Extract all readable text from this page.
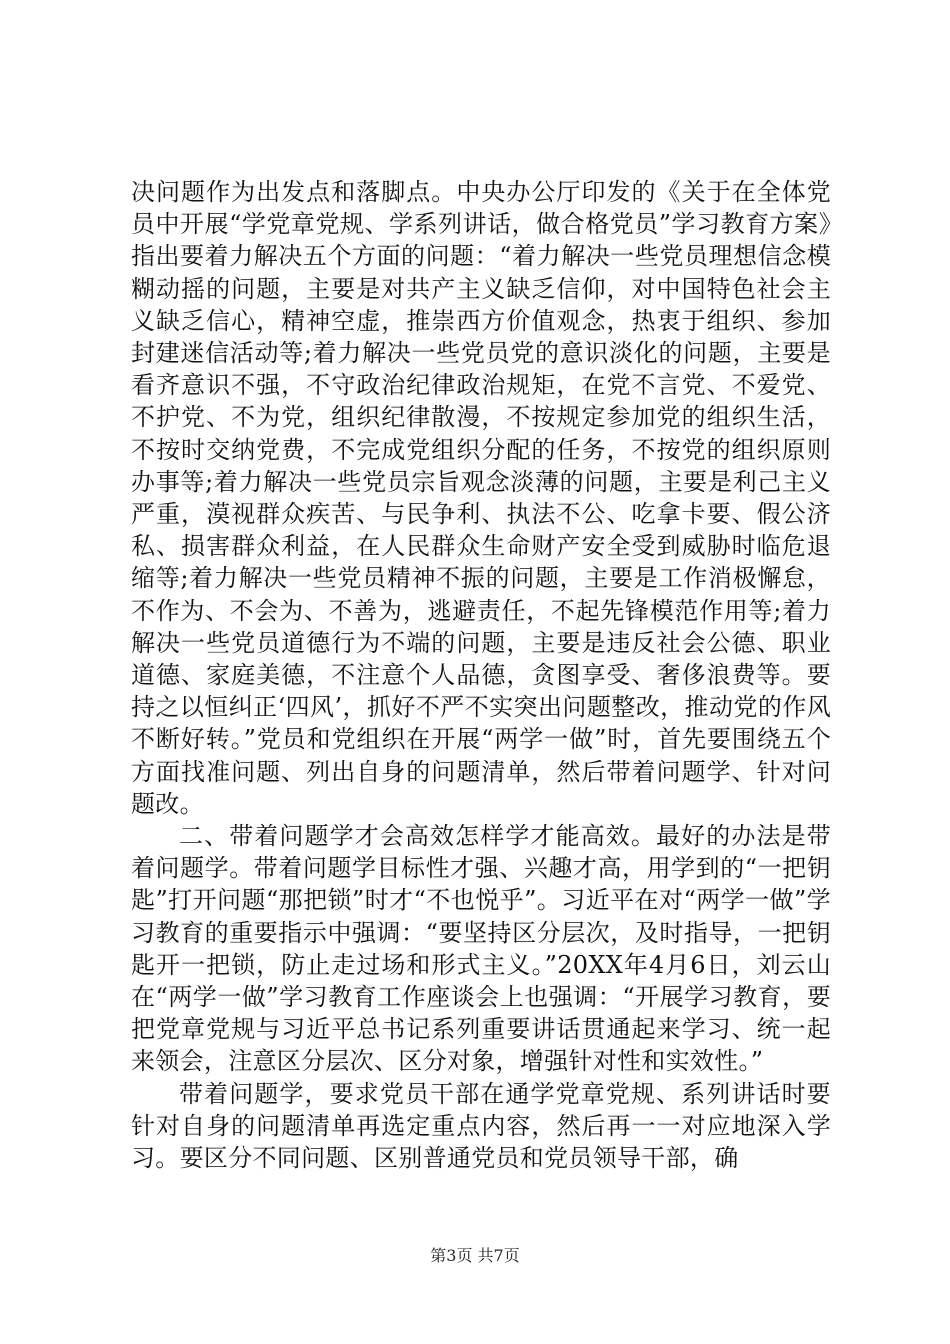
决问题作为出发点和落脚点。中央办公厅印发的《关于在全体党员中开展“学党章党规、学系列讲话，做合格党员”学习教育方案》指出要着力解决五个方面的问题：“着力解决一些党员理想信念模糊动摇的问题，主要是对共产主义缺乏信仰，对中国特色社会主义缺乏信心，精神空虚，推崇西方价值观念，热衷于组织、参加封建迷信活动等;着力解决一些党员党的意识淡化的问题，主要是看齐意识不强，不守政治纪律政治规矩，在党不言党、不爱党、不护党、不为党，组织纪律散漫，不按规定参加党的组织生活，不按时交纳党费，不完成党组织分配的任务，不按党的组织原则办事等;着力解决一些党员宗旨观念淡薄的问题，主要是利己主义严重，漠视群众疾苦、与民争利、执法不公、吃拿卡要、假公济私、损害群众利益，在人民群众生命财产安全受到威胁时临危退缩等;着力解决一些党员精神不振的问题，主要是工作消极懈怠，不作为、不会为、不善为，逃避责任，不起先锋模范作用等;着力解决一些党员道德行为不端的问题，主要是违反社会公德、职业道德、家庭美德，不注意个人品德，贪图享受、奢侈浪费等。要持之以恒纠正‘四风’，抓好不严不实突出问题整改，推动党的作风不断好转。”党员和党组织在开展“两学一做”时，首先要围绕五个方面找准问题、列出自身的问题清单，然后带着问题学、针对问题改。

二、带着问题学才会高效怎样学才能高效。最好的办法是带着问题学。带着问题学目标性才强、兴趣才高，用学到的“一把钥匙”打开问题“那把锁”时才“不也悦乎”。习近平在对“两学一做”学习教育的重要指示中强调：“要坚持区分层次，及时指导，一把钥匙开一把锁，防止走过场和形式主义。”20XX年4月6日，刘云山在“两学一做”学习教育工作座谈会上也强调：“开展学习教育，要把党章党规与习近平总书记系列重要讲话贯通起来学习、统一起来领会，注意区分层次、区分对象，增强针对性和实效性。”

带着问题学，要求党员干部在通学党章党规、系列讲话时要针对自身的问题清单再选定重点内容，然后再一一对应地深入学习。要区分不同问题、区别普通党员和党员领导干部，确

第3页 共7页
